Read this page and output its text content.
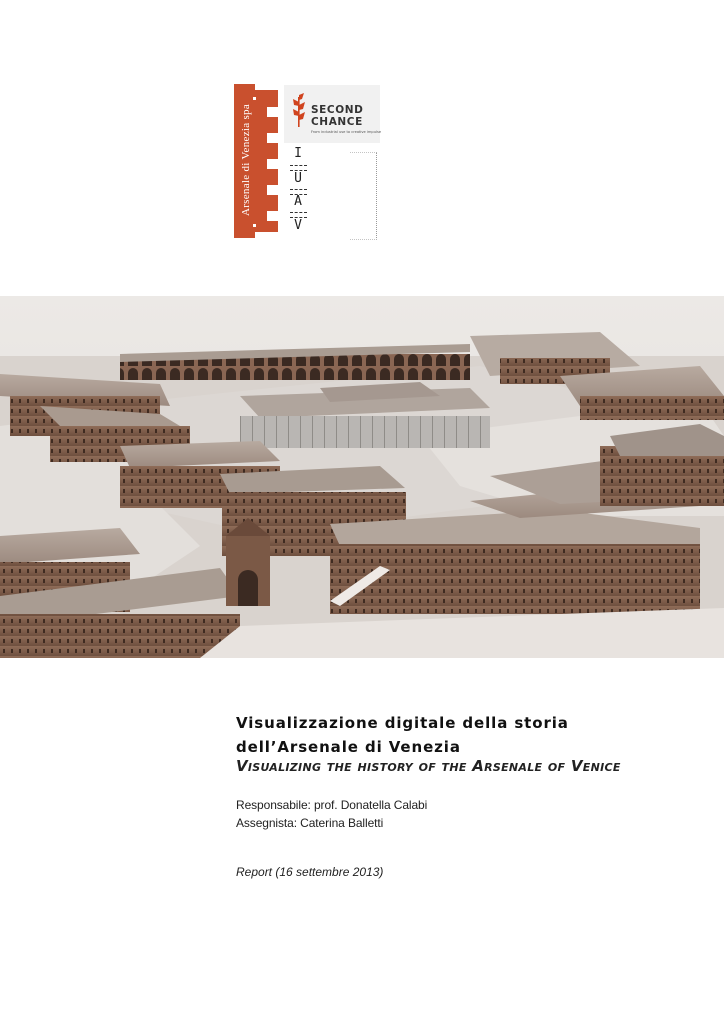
Arsenale di Venezia spa	SECOND
CHANCE
From industrial use to creative impulse
I
U
A
V
Visualizzazione digitale della storia dell’Arsenale di Venezia
Visualizing the history of the Arsenale of Venice
Responsabile: prof. Donatella Calabi
Assegnista: Caterina Balletti
Report (16 settembre 2013)
